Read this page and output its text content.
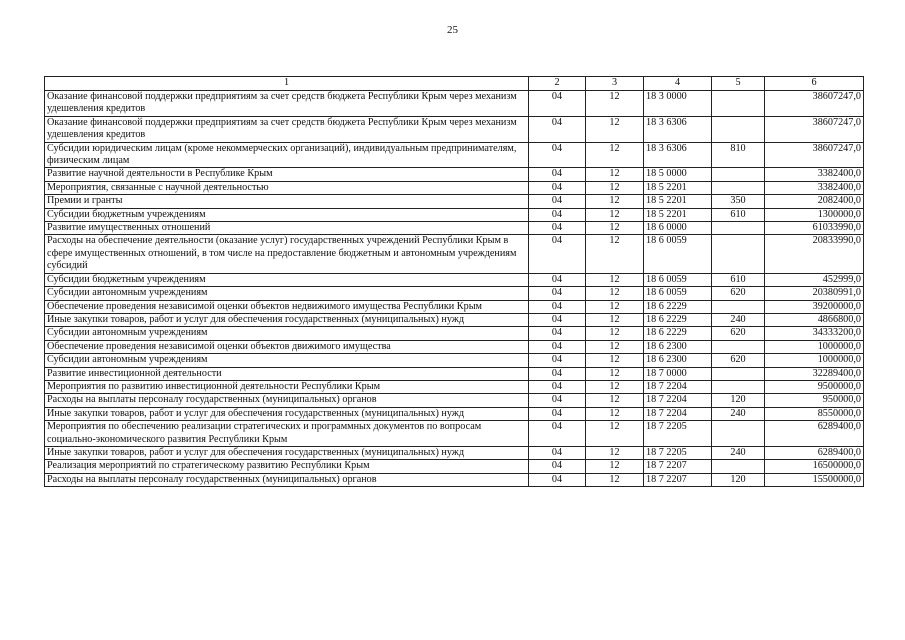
25
1	2	3	4	5	6
Оказание финансовой поддержки предприятиям за счет средств бюджета Республики Крым через механизм удешевления кредитов	04	12	18 3 0000		38607247,0
Оказание финансовой поддержки предприятиям за счет средств бюджета Республики Крым через механизм удешевления кредитов	04	12	18 3 6306		38607247,0
Субсидии юридическим лицам (кроме некоммерческих организаций), индивидуальным предпринимателям, физическим лицам	04	12	18 3 6306	810	38607247,0
Развитие научной деятельности в Республике Крым	04	12	18 5 0000		3382400,0
Мероприятия, связанные с научной деятельностью	04	12	18 5 2201		3382400,0
Премии и гранты	04	12	18 5 2201	350	2082400,0
Субсидии бюджетным учреждениям	04	12	18 5 2201	610	1300000,0
Развитие имущественных отношений	04	12	18 6 0000		61033990,0
Расходы на обеспечение деятельности (оказание услуг) государственных учреждений Республики Крым в сфере имущественных отношений, в том числе на предоставление бюджетным и автономным учреждениям субсидий	04	12	18 6 0059		20833990,0
Субсидии бюджетным учреждениям	04	12	18 6 0059	610	452999,0
Субсидии автономным учреждениям	04	12	18 6 0059	620	20380991,0
Обеспечение проведения независимой оценки объектов недвижимого имущества Республики Крым	04	12	18 6 2229		39200000,0
Иные закупки товаров, работ и услуг для обеспечения государственных (муниципальных) нужд	04	12	18 6 2229	240	4866800,0
Субсидии автономным учреждениям	04	12	18 6 2229	620	34333200,0
Обеспечение проведения независимой оценки объектов движимого имущества	04	12	18 6 2300		1000000,0
Субсидии автономным учреждениям	04	12	18 6 2300	620	1000000,0
Развитие инвестиционной деятельности	04	12	18 7 0000		32289400,0
Мероприятия по развитию инвестиционной деятельности Республики Крым	04	12	18 7 2204		9500000,0
Расходы на выплаты персоналу государственных (муниципальных) органов	04	12	18 7 2204	120	950000,0
Иные закупки товаров, работ и услуг для обеспечения государственных (муниципальных) нужд	04	12	18 7 2204	240	8550000,0
Мероприятия по обеспечению реализации стратегических и программных документов по вопросам социально-экономического развития Республики Крым	04	12	18 7 2205		6289400,0
Иные закупки товаров, работ и услуг для обеспечения государственных (муниципальных) нужд	04	12	18 7 2205	240	6289400,0
Реализация мероприятий по стратегическому развитию Республики Крым	04	12	18 7 2207		16500000,0
Расходы на выплаты персоналу государственных (муниципальных) органов	04	12	18 7 2207	120	15500000,0
